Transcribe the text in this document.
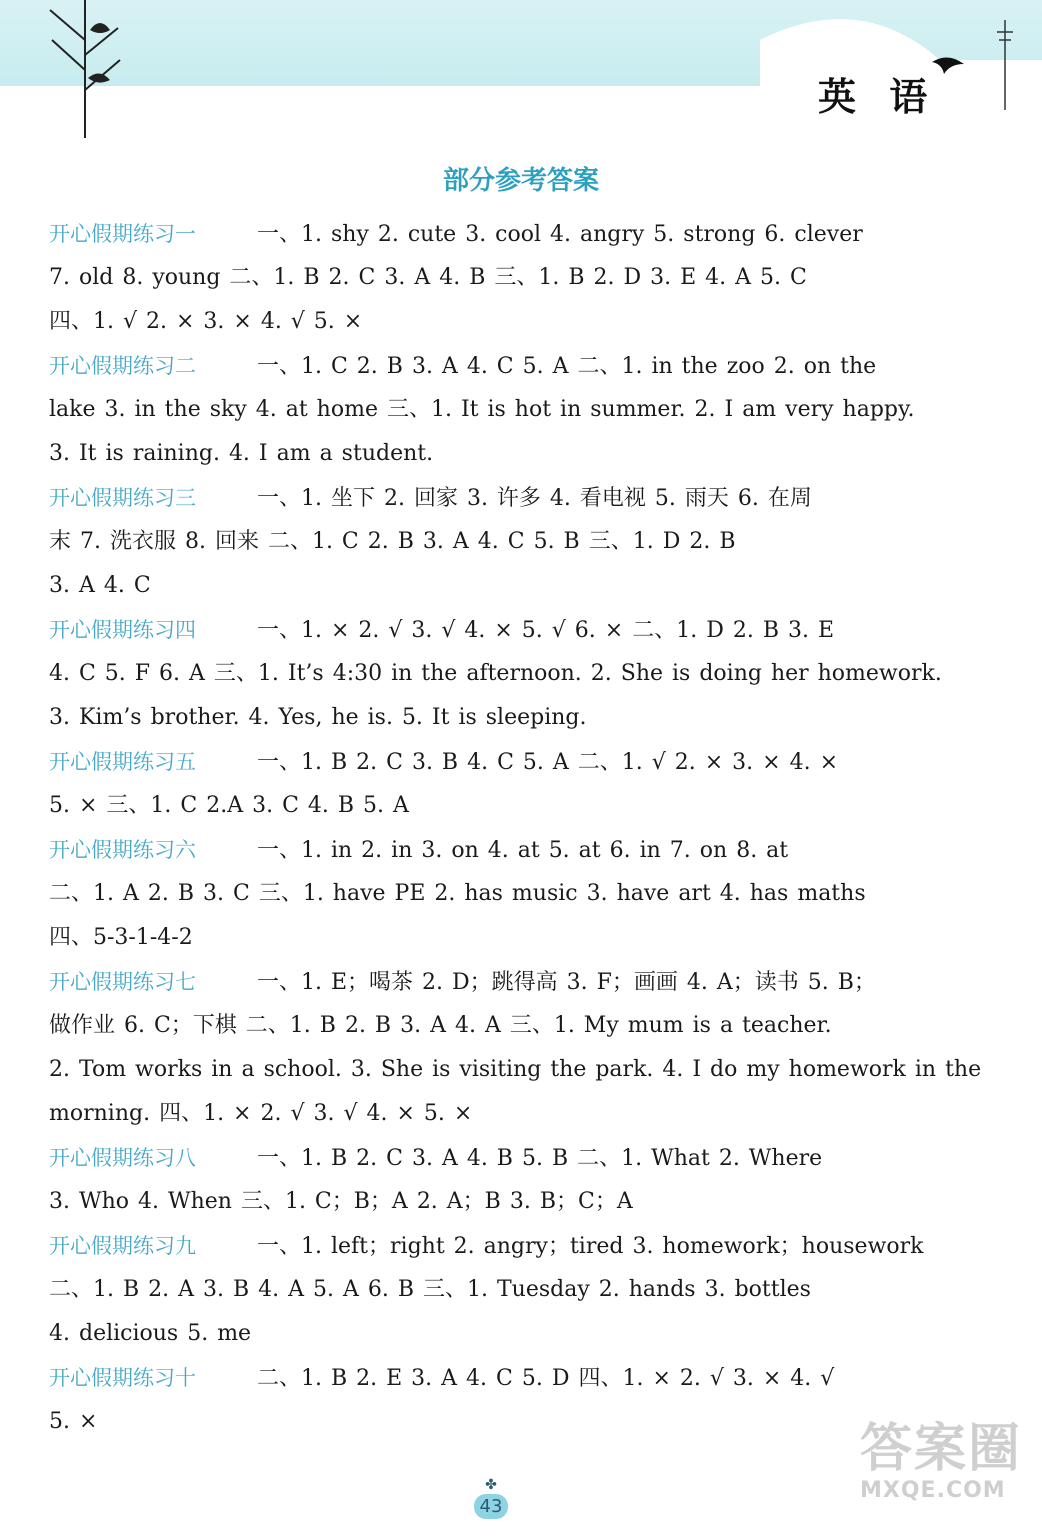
英 语
部分参考答案
开心假期练习一	一、1. shy 2. cute 3. cool 4. angry 5. strong 6. clever
7. old 8. young 二、1. B 2. C 3. A 4. B 三、1. B 2. D 3. E 4. A 5. C
四、1. √ 2. × 3. × 4. √ 5. ×
开心假期练习二	一、1. C 2. B 3. A 4. C 5. A 二、1. in the zoo 2. on the
lake 3. in the sky 4. at home 三、1. It is hot in summer. 2. I am very happy.
3. It is raining. 4. I am a student.
开心假期练习三	一、1. 坐下 2. 回家 3. 许多 4. 看电视 5. 雨天 6. 在周
末 7. 洗衣服 8. 回来 二、1. C 2. B 3. A 4. C 5. B 三、1. D 2. B
3. A 4. C
开心假期练习四	一、1. × 2. √ 3. √ 4. × 5. √ 6. × 二、1. D 2. B 3. E
4. C 5. F 6. A 三、1. It’s 4:30 in the afternoon. 2. She is doing her homework.
3. Kim’s brother. 4. Yes, he is. 5. It is sleeping.
开心假期练习五	一、1. B 2. C 3. B 4. C 5. A 二、1. √ 2. × 3. × 4. ×
5. × 三、1. C 2.A 3. C 4. B 5. A
开心假期练习六	一、1. in 2. in 3. on 4. at 5. at 6. in 7. on 8. at
二、1. A 2. B 3. C 三、1. have PE 2. has music 3. have art 4. has maths
四、5-3-1-4-2
开心假期练习七	一、1. E；喝茶 2. D；跳得高 3. F；画画 4. A；读书 5. B；
做作业 6. C；下棋 二、1. B 2. B 3. A 4. A 三、1. My mum is a teacher.
2. Tom works in a school. 3. She is visiting the park. 4. I do my homework in the
morning. 四、1. × 2. √ 3. √ 4. × 5. ×
开心假期练习八	一、1. B 2. C 3. A 4. B 5. B 二、1. What 2. Where
3. Who 4. When 三、1. C；B；A 2. A；B 3. B；C；A
开心假期练习九	一、1. left；right 2. angry；tired 3. homework；housework
二、1. B 2. A 3. B 4. A 5. A 6. B 三、1. Tuesday 2. hands 3. bottles
4. delicious 5. me
开心假期练习十	二、1. B 2. E 3. A 4. C 5. D 四、1. × 2. √ 3. × 4. √
5. ×
✤
43
答案圈
MXQE.COM
